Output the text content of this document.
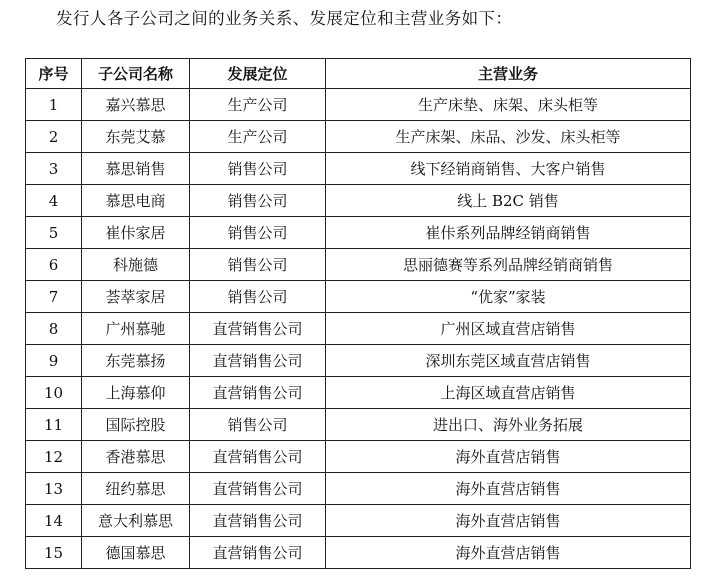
发行人各子公司之间的业务关系、发展定位和主营业务如下：
序号	子公司名称	发展定位	主营业务
1	嘉兴慕思	生产公司	生产床垫、床架、床头柜等
2	东莞艾慕	生产公司	生产床架、床品、沙发、床头柜等
3	慕思销售	销售公司	线下经销商销售、大客户销售
4	慕思电商	销售公司	线上 B2C 销售
5	崔佧家居	销售公司	崔佧系列品牌经销商销售
6	科施德	销售公司	思丽德赛等系列品牌经销商销售
7	荟萃家居	销售公司	“优家”家装
8	广州慕驰	直营销售公司	广州区域直营店销售
9	东莞慕扬	直营销售公司	深圳东莞区域直营店销售
10	上海慕仰	直营销售公司	上海区域直营店销售
11	国际控股	销售公司	进出口、海外业务拓展
12	香港慕思	直营销售公司	海外直营店销售
13	纽约慕思	直营销售公司	海外直营店销售
14	意大利慕思	直营销售公司	海外直营店销售
15	德国慕思	直营销售公司	海外直营店销售
